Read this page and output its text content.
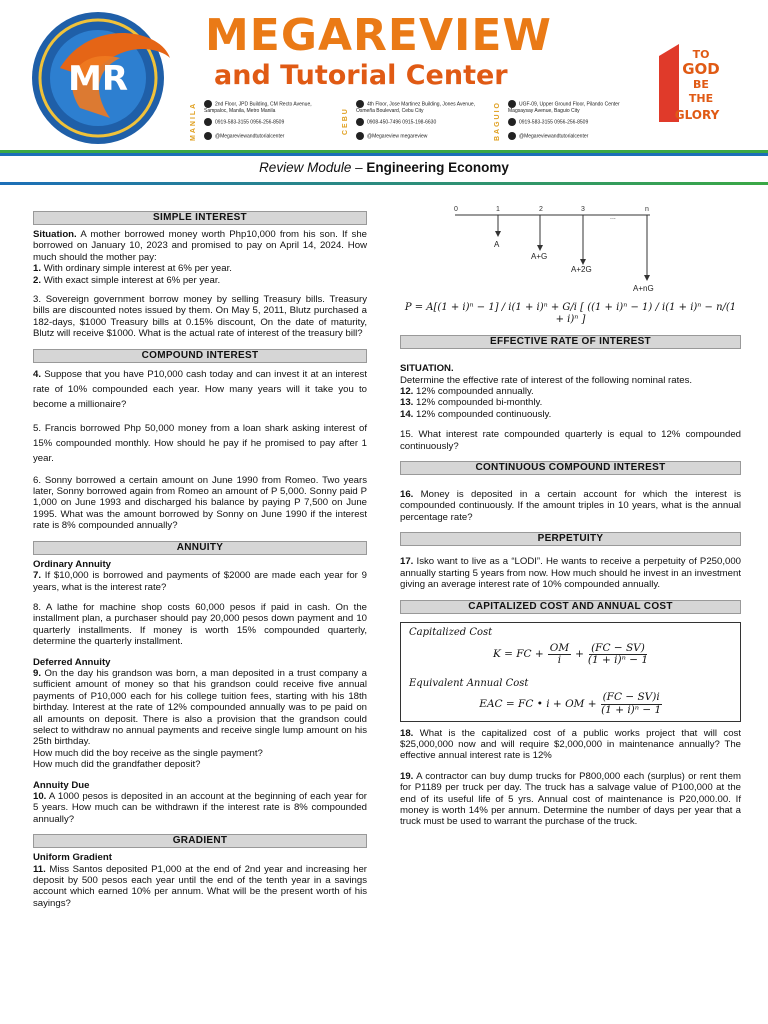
MR
MEGAREVIEW
and Tutorial Center
MANILA	2nd Floor, JPD Building, CM Recto Avenue, Sampaloc, Manila, Metro Manila
0919-583-3155 0956-256-8509
@Megareviewandtutorialcenter
CEBU
4th Floor, Jose Martinez Building, Jones Avenue, Osmeña Boulevard, Cebu City
0908-450-7496 0915-198-6630
@Megareview megareview	BAGUIO	UGF-09, Upper Ground Floor, Pilando Center Magsaysay Avenue, Baguio City
0919-583-3155 0956-256-8509
@Megareviewandtutorialcenter
TO
GOD
BE
THE
GLORY
Review Module – Engineering Economy
SIMPLE INTEREST

Situation. A mother borrowed money worth Php10,000 from his son. If she borrowed on January 10, 2023 and promised to pay on April 14, 2024. How much should the mother pay:

1. With ordinary simple interest at 6% per year.

2. With exact simple interest at 6% per year.

3. Sovereign government borrow money by selling Treasury bills. Treasury bills are discounted notes issued by them. On May 5, 2011, Blutz purchased a 182-days, $1000 Treasury bills at 0.15% discount, On the date of maturity, Blutz will receive $1000. What is the actual rate of interest of the treasury bill?

COMPOUND INTEREST

4. Suppose that you have P10,000 cash today and can invest it at an interest rate of 10% compounded each year. How many years will it take you to become a millionaire?

5. Francis borrowed Php 50,000 money from a loan shark asking interest of 15% compounded monthly. How should he pay if he promised to pay after 1 year.

6. Sonny borrowed a certain amount on June 1990 from Romeo. Two years later, Sonny borrowed again from Romeo an amount of P 5,000. Sonny paid P 1,000 on June 1993 and discharged his balance by paying P 7,500 on June 1995. What was the amount borrowed by Sonny on June 1990 if the interest rate is 8% compounded annually?

ANNUITY
Ordinary Annuity

7. If $10,000 is borrowed and payments of $2000 are made each year for 9 years, what is the interest rate?

8. A lathe for machine shop costs 60,000 pesos if paid in cash. On the installment plan, a purchaser should pay 20,000 pesos down payment and 10 quarterly installments. If money is worth 15% compounded quarterly, determine the quarterly installment.

Deferred Annuity

9. On the day his grandson was born, a man deposited in a trust company a sufficient amount of money so that his grandson could receive five annual payments of P10,000 each for his college tuition fees, starting with his 18th birthday. Interest at the rate of 12% compounded annually was to pe paid on all amounts on deposit. There is also a provision that the grandson could select to withdraw no annual payments and receive single lump amount on his 25th birthday.

How much did the boy receive as the single payment?

How much did the grandfather deposit?

Annuity Due

10. A 1000 pesos is deposited in an account at the beginning of each year for 5 years. How much can be withdrawn if the interest rate is 8% compounded annually?

GRADIENT
Uniform Gradient

11. Miss Santos deposited P1,000 at the end of 2nd year and increasing her deposit by 500 pesos each year until the end of the tenth year in a savings account which earned 10% per annum. What will be the present worth of his sayings?

0	1	2	3	n
...
A
A+G
A+2G
A+nG
P = A[(1 + i)ⁿ − 1] / i(1 + i)ⁿ + G/i [ ((1 + i)ⁿ − 1) / i(1 + i)ⁿ − n/(1 + i)ⁿ ]
EFFECTIVE RATE OF INTEREST

SITUATION.

Determine the effective rate of interest of the following nominal rates.

12. 12% compounded annually.

13. 12% compounded bi-monthly.

14. 12% compounded continuously.

15. What interest rate compounded quarterly is equal to 12% compounded continuously?

CONTINUOUS COMPOUND INTEREST

16. Money is deposited in a certain account for which the interest is compounded continuously. If the amount triples in 10 years, what is the annual percentage rate?

PERPETUITY

17. Isko want to live as a “LODI”. He wants to receive a perpetuity of P250,000 annually starting 5 years from now. How much should he invest in an investment giving an average interest rate of 10% compounded annually.

CAPITALIZED COST AND ANNUAL COST
Capitalized Cost
K = FC + $\frac{OM}{i} + \frac{(FC - SV)}{\text{(1 + i)ⁿ − 1}}$
Equivalent Annual Cost
EAC = FC • i + OM + $\frac{(FC - SV)i}{\text{(1 + i)ⁿ − 1}}$

18. What is the capitalized cost of a public works project that will cost $25,000,000 now and will require $2,000,000 in maintenance annually? The effective annual interest rate is 12%

19. A contractor can buy dump trucks for P800,000 each (surplus) or rent them for P1189 per truck per day. The truck has a salvage value of P100,000 at the end of its useful life of 5 yrs. Annual cost of maintenance is P20,000.00. If money is worth 14% per annum. Determine the number of days per year that a truck must be used to warrant the purchase of the truck.
